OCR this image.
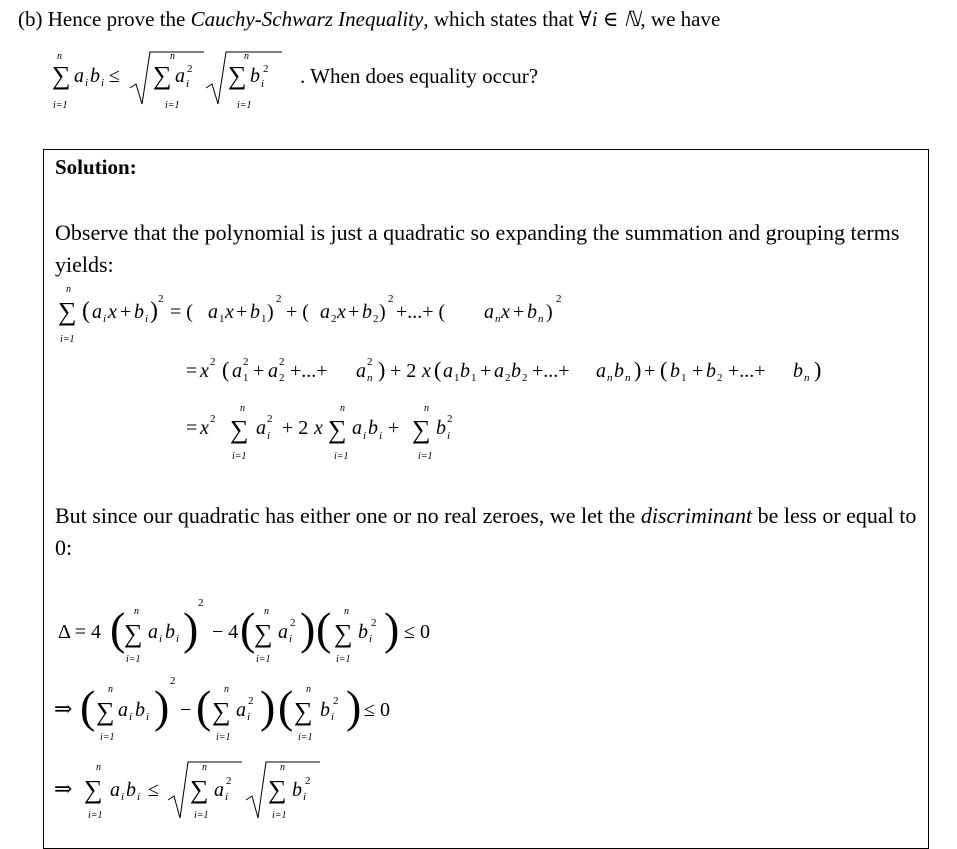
(b) Hence prove the Cauchy-Schwarz Inequality, which states that ∀i ∈ ℕ, we have
n
∑
i=1
a i b i ≤
n
∑
i=1
a 2
i
n
∑
i=1
b 2
i . When does equality occur?
Solution:
Observe that the polynomial is just a quadratic so expanding the summation and grouping terms yields:
n
∑
i=1
( a i x + b i ) 2
= ( a 1 x + b 1 )
2
+ ( a 2 x + b 2 )
2
+...+ ( a n x + b n )
2
= x 2 ( a 1
2 + a 2
2 +...+ a n
2 ) + 2 x ( a 1 b 1 + a 2 b 2 +...+ a n b n ) + ( b 1 + b 2 +...+ b n )
= x 2
n
∑
i=1
a i
2 + 2 x
n
∑
i=1
a i b i +
n
∑
i=1
b i
2
But since our quadratic has either one or no real zeroes, we let the discriminant be less or equal to 0:
Δ = 4 ( n
∑
i=1
a i b i ) 2
− 4 ( n
∑
i=1
a i
2 ) ( n
∑
i=1
b i
2 ) ≤ 0
⇒ ( n
∑
i=1
a i b i ) 2
− ( n
∑
i=1
a i
2 ) ( n
∑
i=1
b i
2 ) ≤ 0
⇒
n
∑
i=1
a i b i ≤
n
∑
i=1
a i
2
n
∑
i=1
b i
2
